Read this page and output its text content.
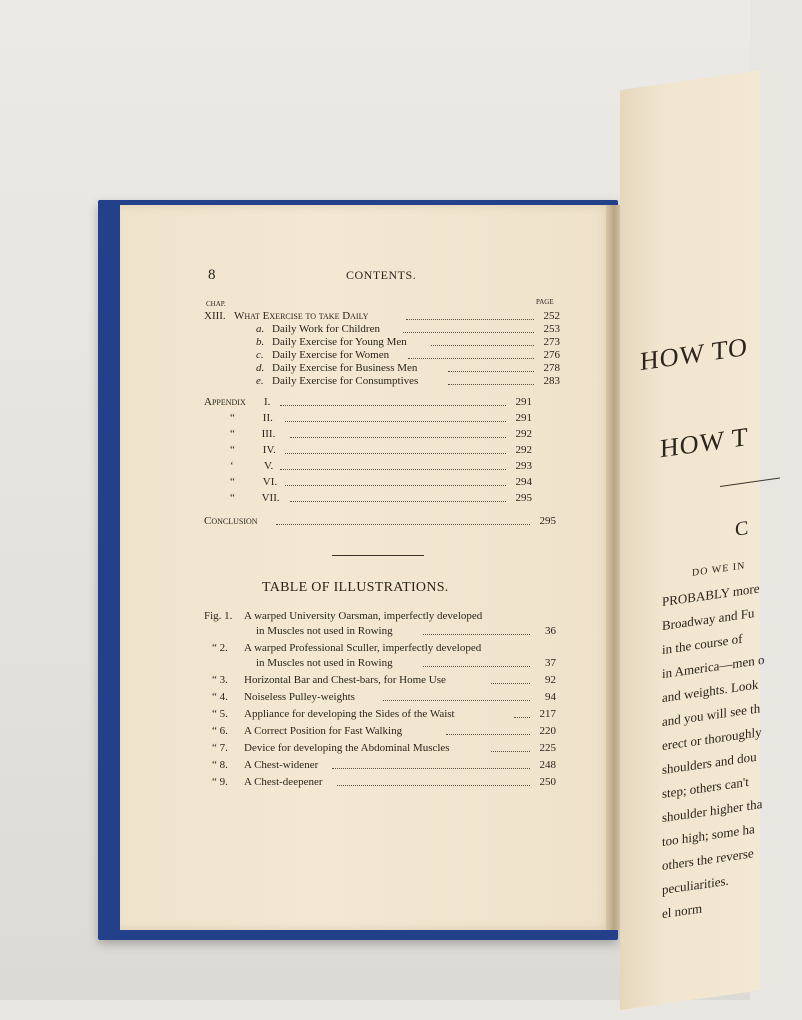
8	CONTENTS.
CHAP.	PAGE
XIII. What Exercise to take Daily	252
a. Daily Work for Children	253
b. Daily Exercise for Young Men	273
c. Daily Exercise for Women	276
d. Daily Exercise for Business Men	278
e. Daily Exercise for Consumptives	283
Appendix I.	291
“	II.	291
“ III.	292
“	IV.	292
‘	V.	293
“	VI.	294
“ VII.	295
Conclusion	295
TABLE OF ILLUSTRATIONS.
Fig. 1. A warped University Oarsman, imperfectly developed
in Muscles not used in Rowing	36
“ 2. A warped Professional Sculler, imperfectly developed
in Muscles not used in Rowing	37
“ 3. Horizontal Bar and Chest-bars, for Home Use	92
“ 4. Noiseless Pulley-weights	94
“ 5. Appliance for developing the Sides of the Waist	217
“ 6. A Correct Position for Fast Walking	220
“ 7. Device for developing the Abdominal Muscles	225
“ 8. A Chest-widener	248
“ 9. A Chest-deepener	250
HOW TO
HOW T
C
DO WE IN
PROBABLY more
Broadway and Fu
in the course of
in America—men o
and weights. Look
and you will see th
erect or thoroughly
shoulders and dou
step; others can't
shoulder higher tha
too high; some ha
others the reverse
peculiarities.
el norm
